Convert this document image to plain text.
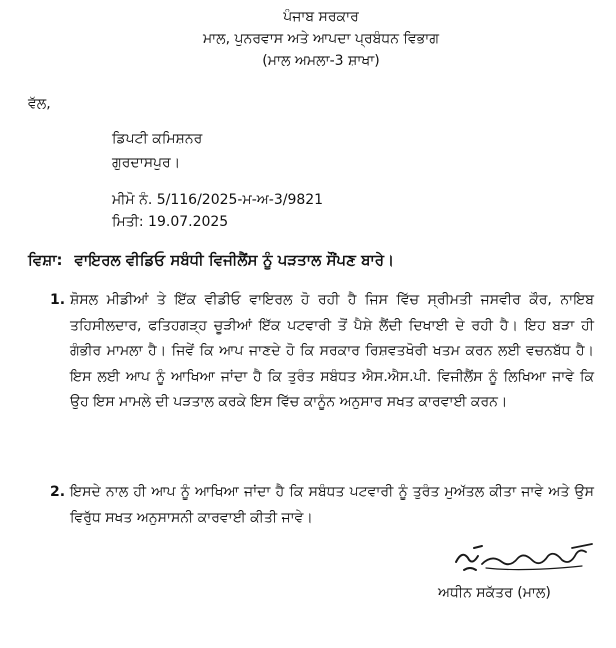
ਪੰਜਾਬ ਸਰਕਾਰ
ਮਾਲ, ਪੁਨਰਵਾਸ ਅਤੇ ਆਪਦਾ ਪ੍ਰਬੰਧਨ ਵਿਭਾਗ
(ਮਾਲ ਅਮਲਾ-3 ਸ਼ਾਖਾ)
ਵੱਲ,
ਡਿਪਟੀ ਕਮਿਸ਼ਨਰ
ਗੁਰਦਾਸਪੁਰ।
ਮੀਮੋ ਨੰ. 5/116/2025-ਮ-ਅ-3/9821
ਮਿਤੀ: 19.07.2025
ਵਿਸ਼ਾ: ਵਾਇਰਲ ਵੀਡਿਓ ਸਬੰਧੀ ਵਿਜੀਲੈਂਸ ਨੂੰ ਪੜਤਾਲ ਸੌਂਪਣ ਬਾਰੇ।
1. ਸ਼ੋਸਲ ਮੀਡੀਆਂ ਤੇ ਇੱਕ ਵੀਡੀਓ ਵਾਇਰਲ ਹੋ ਰਹੀ ਹੈ ਜਿਸ ਵਿੱਚ ਸ੍ਰੀਮਤੀ ਜਸਵੀਰ ਕੌਰ, ਨਾਇਬ ਤਹਿਸੀਲਦਾਰ, ਫਤਿਹਗੜ੍ਹ ਚੂੜੀਆਂ ਇੱਕ ਪਟਵਾਰੀ ਤੋਂ ਪੈਸ਼ੇ ਲੈਂਦੀ ਦਿਖਾਈ ਦੇ ਰਹੀ ਹੈ। ਇਹ ਬੜਾ ਹੀ ਗੰਭੀਰ ਮਾਮਲਾ ਹੈ। ਜਿਵੇਂ ਕਿ ਆਪ ਜਾਣਦੇ ਹੋ ਕਿ ਸਰਕਾਰ ਰਿਸ਼ਵਤਖੋਰੀ ਖਤਮ ਕਰਨ ਲਈ ਵਚਨਬੱਧ ਹੈ। ਇਸ ਲਈ ਆਪ ਨੂੰ ਆਖਿਆ ਜਾਂਦਾ ਹੈ ਕਿ ਤੁਰੰਤ ਸਬੰਧਤ ਐਸ.ਐਸ.ਪੀ. ਵਿਜੀਲੈਂਸ ਨੂੰ ਲਿਖਿਆ ਜਾਵੇ ਕਿ ਉਹ ਇਸ ਮਾਮਲੇ ਦੀ ਪੜਤਾਲ ਕਰਕੇ ਇਸ ਵਿੱਚ ਕਾਨੂੰਨ ਅਨੁਸਾਰ ਸਖਤ ਕਾਰਵਾਈ ਕਰਨ।
2. ਇਸਦੇ ਨਾਲ ਹੀ ਆਪ ਨੂੰ ਆਖਿਆ ਜਾਂਦਾ ਹੈ ਕਿ ਸਬੰਧਤ ਪਟਵਾਰੀ ਨੂੰ ਤੁਰੰਤ ਮੁਅੱਤਲ ਕੀਤਾ ਜਾਵੇ ਅਤੇ ਉਸ ਵਿਰੁੱਧ ਸਖਤ ਅਨੁਸਾਸਨੀ ਕਾਰਵਾਈ ਕੀਤੀ ਜਾਵੇ।
ਅਧੀਨ ਸਕੱਤਰ (ਮਾਲ)
